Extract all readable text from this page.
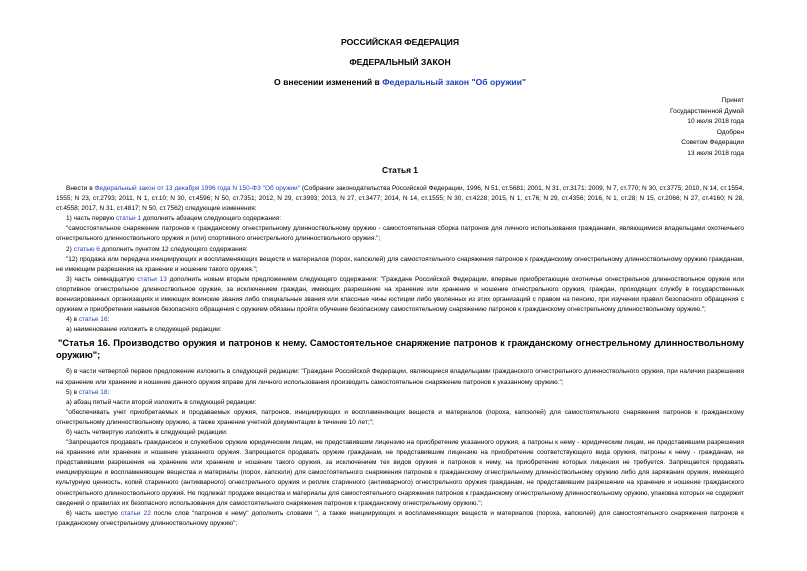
РОССИЙСКАЯ ФЕДЕРАЦИЯ
ФЕДЕРАЛЬНЫЙ ЗАКОН
О внесении изменений в Федеральный закон "Об оружии"
Принят
Государственной Думой
10 июля 2018 года
Одобрен
Советом Федерации
13 июля 2018 года
Статья 1

Внести в Федеральный закон от 13 декабря 1996 года N 150-ФЗ "Об оружии" (Собрание законодательства Российской Федерации, 1996, N 51, ст.5681; 2001, N 31, ст.3171; 2009, N 7, ст.770; N 30, ст.3775; 2010, N 14, ст.1554, 1555; N 23, ст.2793; 2011, N 1, ст.10; N 30, ст.4596; N 50, ст.7351; 2012, N 29, ст.3993; 2013, N 27, ст.3477; 2014, N 14, ст.1555; N 30, ст.4228; 2015, N 1, ст.76; N 29, ст.4356; 2016, N 1, ст.28; N 15, ст.2066; N 27, ст.4160; N 28, ст.4558; 2017, N 31, ст.4817; N 50, ст.7562) следующие изменения:

1) часть первую статьи 1 дополнить абзацем следующего содержания:

"самостоятельное снаряжение патронов к гражданскому огнестрельному длинноствольному оружию - самостоятельная сборка патронов для личного использования гражданами, являющимися владельцами охотничьего огнестрельного длинноствольного оружия и (или) спортивного огнестрельного длинноствольного оружия.";

2) статью 6 дополнить пунктом 12 следующего содержания:

"12) продажа или передача инициирующих и воспламеняющих веществ и материалов (порох, капсюлей) для самостоятельного снаряжения патронов к гражданскому огнестрельному длинноствольному оружию гражданам, не имеющим разрешения на хранение и ношение такого оружия.";

3) часть семнадцатую статьи 13 дополнить новым вторым предложением следующего содержания: "Граждане Российской Федерации, впервые приобретающие охотничье огнестрельное длинноствольное оружие или спортивное огнестрельное длинноствольное оружие, за исключением граждан, имеющих разрешение на хранение или хранение и ношение огнестрельного оружия, граждан, проходящих службу в государственных военизированных организациях и имеющих воинские звания либо специальные звания или классные чины юстиции либо уволенных из этих организаций с правом на пенсию, при изучении правил безопасного обращения с оружием и приобретении навыков безопасного обращения с оружием обязаны пройти обучение безопасному самостоятельному снаряжению патронов к гражданскому огнестрельному длинноствольному оружию.";

4) в статье 16:

а) наименование изложить в следующей редакции:

"Статья 16. Производство оружия и патронов к нему. Самостоятельное снаряжение патронов к гражданскому огнестрельному длинноствольному оружию";

б) в части четвертой первое предложение изложить в следующей редакции: "Граждане Российской Федерации, являющиеся владельцами гражданского огнестрельного длинноствольного оружия, при наличии разрешения на хранение или хранение и ношение данного оружия вправе для личного использования производить самостоятельное снаряжение патронов к указанному оружию.";

5) в статье 18:

а) абзац пятый части второй изложить в следующей редакции:

"обеспечивать учет приобретаемых и продаваемых оружия, патронов, инициирующих и воспламеняющих веществ и материалов (пороха, капсюлей) для самостоятельного снаряжения патронов к гражданскому огнестрельному длинноствольному оружию, а также хранение учетной документации в течение 10 лет;";

б) часть четвертую изложить в следующей редакции:

"Запрещается продавать гражданское и служебное оружие юридическим лицам, не представившим лицензию на приобретение указанного оружия, а патроны к нему - юридическим лицам, не представившим разрешения на хранение или хранение и ношение указанного оружия. Запрещается продавать оружие гражданам, не представившим лицензию на приобретение соответствующего вида оружия, патроны к нему - гражданам, не представившим разрешения на хранение или хранение и ношение такого оружия, за исключением тех видов оружия и патронов к нему, на приобретение которых лицензия не требуется. Запрещается продавать инициирующие и воспламеняющие вещества и материалы (порох, капсюли) для самостоятельного снаряжения патронов к гражданскому огнестрельному длинноствольному оружию либо для заряжания оружия, имеющего культурную ценность, копий старинного (антикварного) огнестрельного оружия и реплик старинного (антикварного) огнестрельного оружия гражданам, не представившим разрешение на хранение и ношение гражданского огнестрельного длинноствольного оружия. Не подлежат продаже вещества и материалы для самостоятельного снаряжения патронов к гражданскому огнестрельному длинноствольному оружию, упаковка которых не содержит сведений о правилах их безопасного использования для самостоятельного снаряжения патронов к гражданскому огнестрельному оружию.";

6) часть шестую статьи 22 после слов "патронов к нему" дополнить словами ", а также инициирующих и воспламеняющих веществ и материалов (пороха, капсюлей) для самостоятельного снаряжения патронов к гражданскому огнестрельному длинноствольному оружию";
